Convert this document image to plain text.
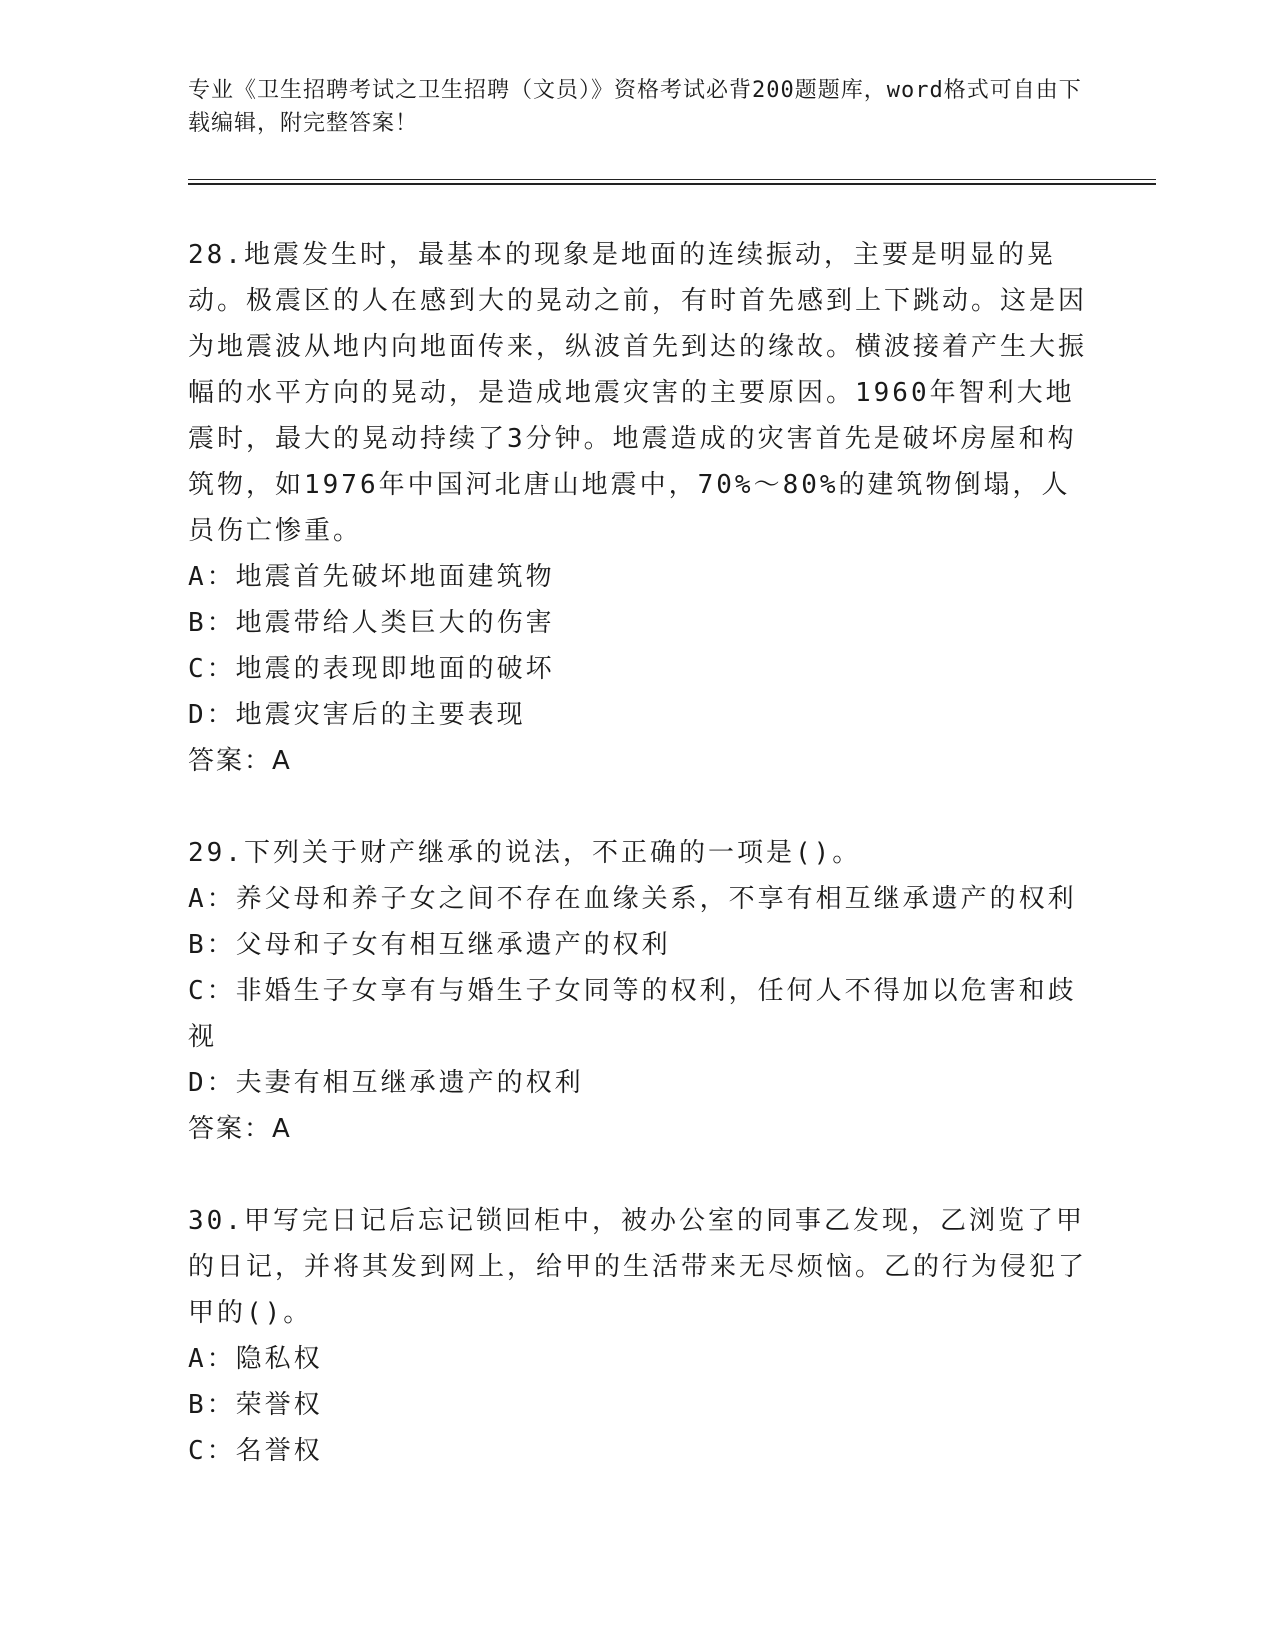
专业《卫生招聘考试之卫生招聘（文员）》资格考试必背200题题库，word格式可自由下载编辑，附完整答案！

28.地震发生时，最基本的现象是地面的连续振动，主要是明显的晃动。极震区的人在感到大的晃动之前，有时首先感到上下跳动。这是因为地震波从地内向地面传来，纵波首先到达的缘故。横波接着产生大振幅的水平方向的晃动，是造成地震灾害的主要原因。1960年智利大地震时，最大的晃动持续了3分钟。地震造成的灾害首先是破坏房屋和构筑物，如1976年中国河北唐山地震中，70%～80%的建筑物倒塌，人员伤亡惨重。

A：地震首先破坏地面建筑物

B：地震带给人类巨大的伤害

C：地震的表现即地面的破坏

D：地震灾害后的主要表现

答案：A

29.下列关于财产继承的说法，不正确的一项是()。

A：养父母和养子女之间不存在血缘关系，不享有相互继承遗产的权利

B：父母和子女有相互继承遗产的权利

C：非婚生子女享有与婚生子女同等的权利，任何人不得加以危害和歧视

D：夫妻有相互继承遗产的权利

答案：A

30.甲写完日记后忘记锁回柜中，被办公室的同事乙发现，乙浏览了甲的日记，并将其发到网上，给甲的生活带来无尽烦恼。乙的行为侵犯了甲的()。

A：隐私权

B：荣誉权

C：名誉权
